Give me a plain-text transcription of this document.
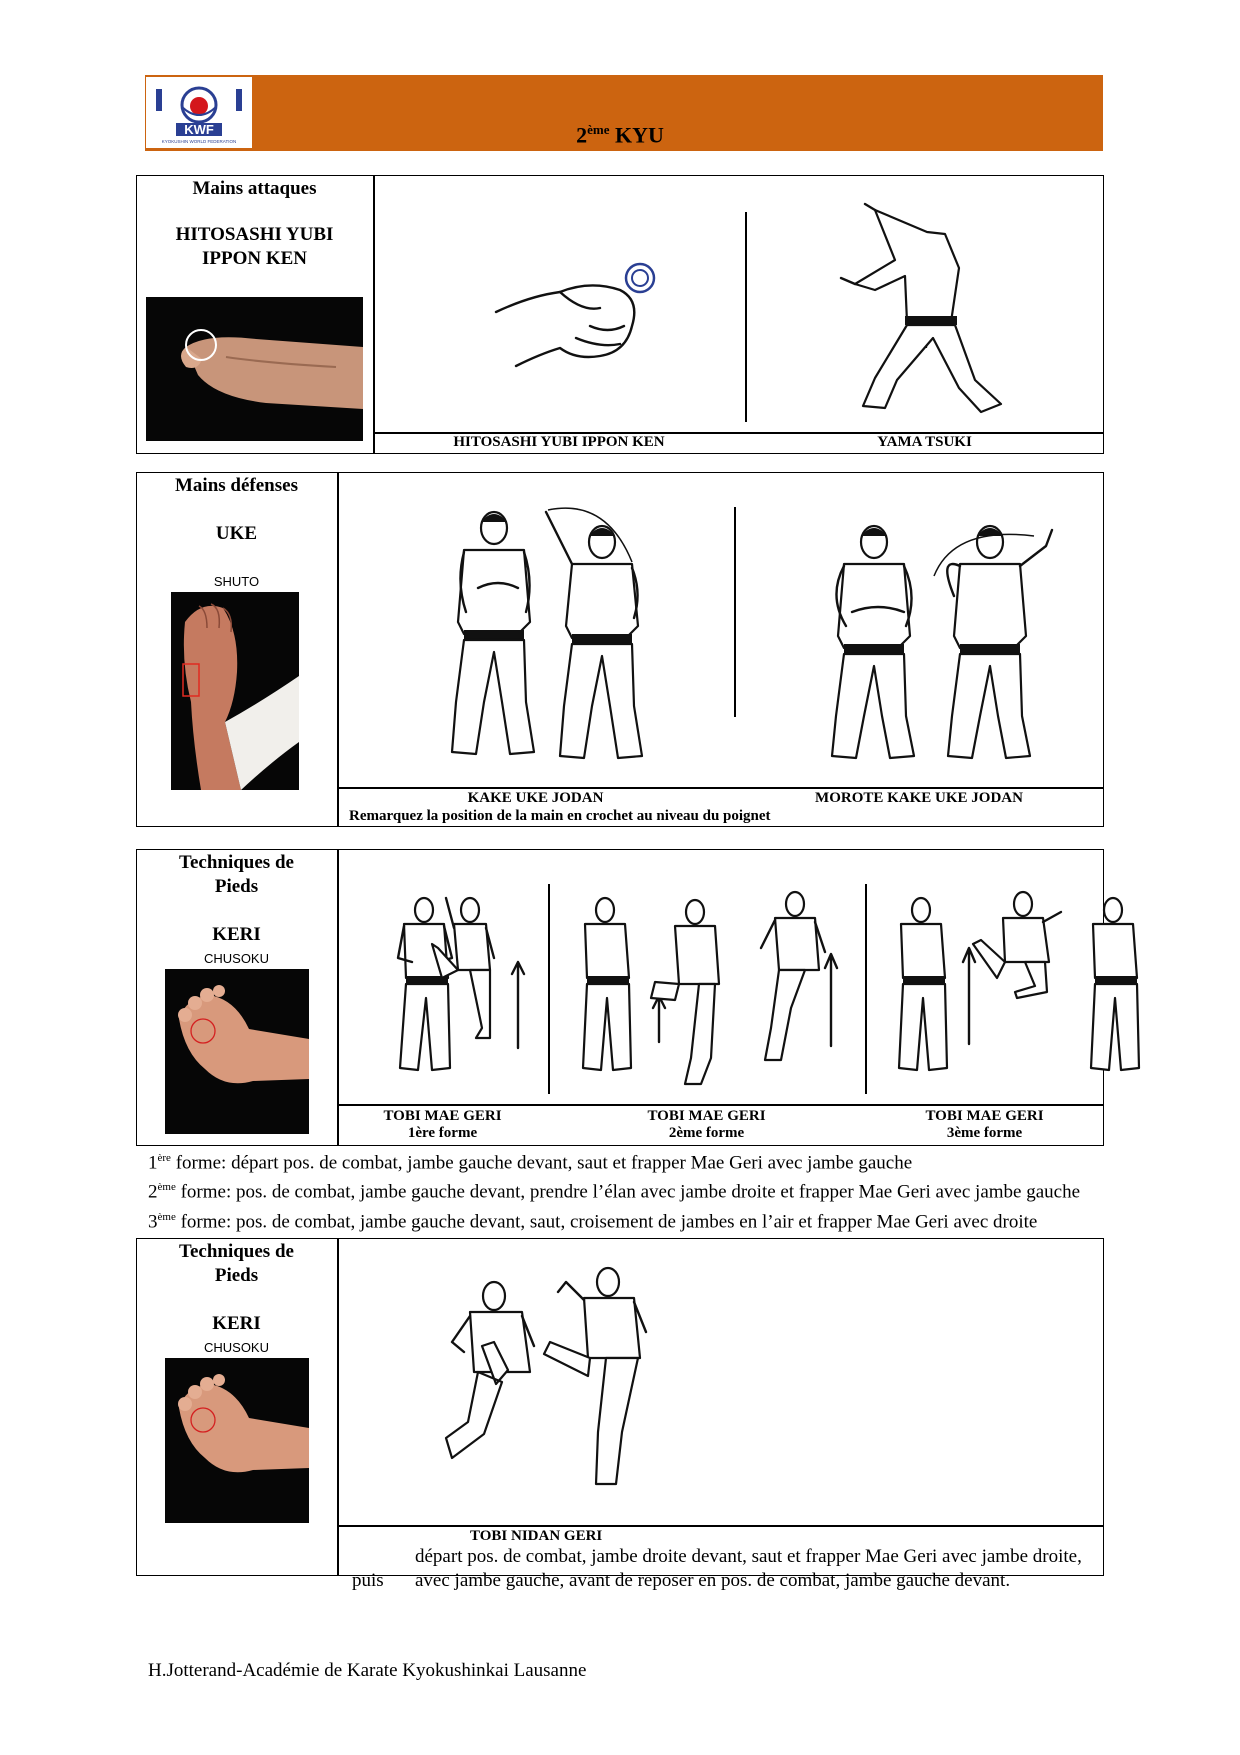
KWF
KYOKUSHIN WORLD FEDERATION	2ème KYU
Mains attaques
HITOSASHI YUBI
IPPON KEN
HITOSASHI YUBI IPPON KEN	YAMA TSUKI
Mains défenses
UKE
SHUTO
KAKE UKE JODAN	MOROTE KAKE UKE JODAN
Remarquez la position de la main en crochet au niveau du poignet
Techniques de
Pieds
KERI
CHUSOKU
TOBI MAE GERI
1ère forme
TOBI MAE GERI
2ème forme
TOBI MAE GERI
3ème forme
1ère forme: départ pos. de combat, jambe gauche devant, saut et frapper Mae Geri avec jambe gauche
2ème forme: pos. de combat, jambe gauche devant, prendre l’élan avec jambe droite et frapper Mae Geri avec jambe gauche
3ème forme: pos. de combat, jambe gauche devant, saut, croisement de jambes en l’air et frapper Mae Geri avec droite
Techniques de
Pieds
KERI
CHUSOKU
TOBI NIDAN GERI
départ pos. de combat, jambe droite devant, saut et frapper Mae Geri avec jambe droite,
puis avec jambe gauche, avant de reposer en pos. de combat, jambe gauche devant.
H.Jotterand-Académie de Karate Kyokushinkai Lausanne
